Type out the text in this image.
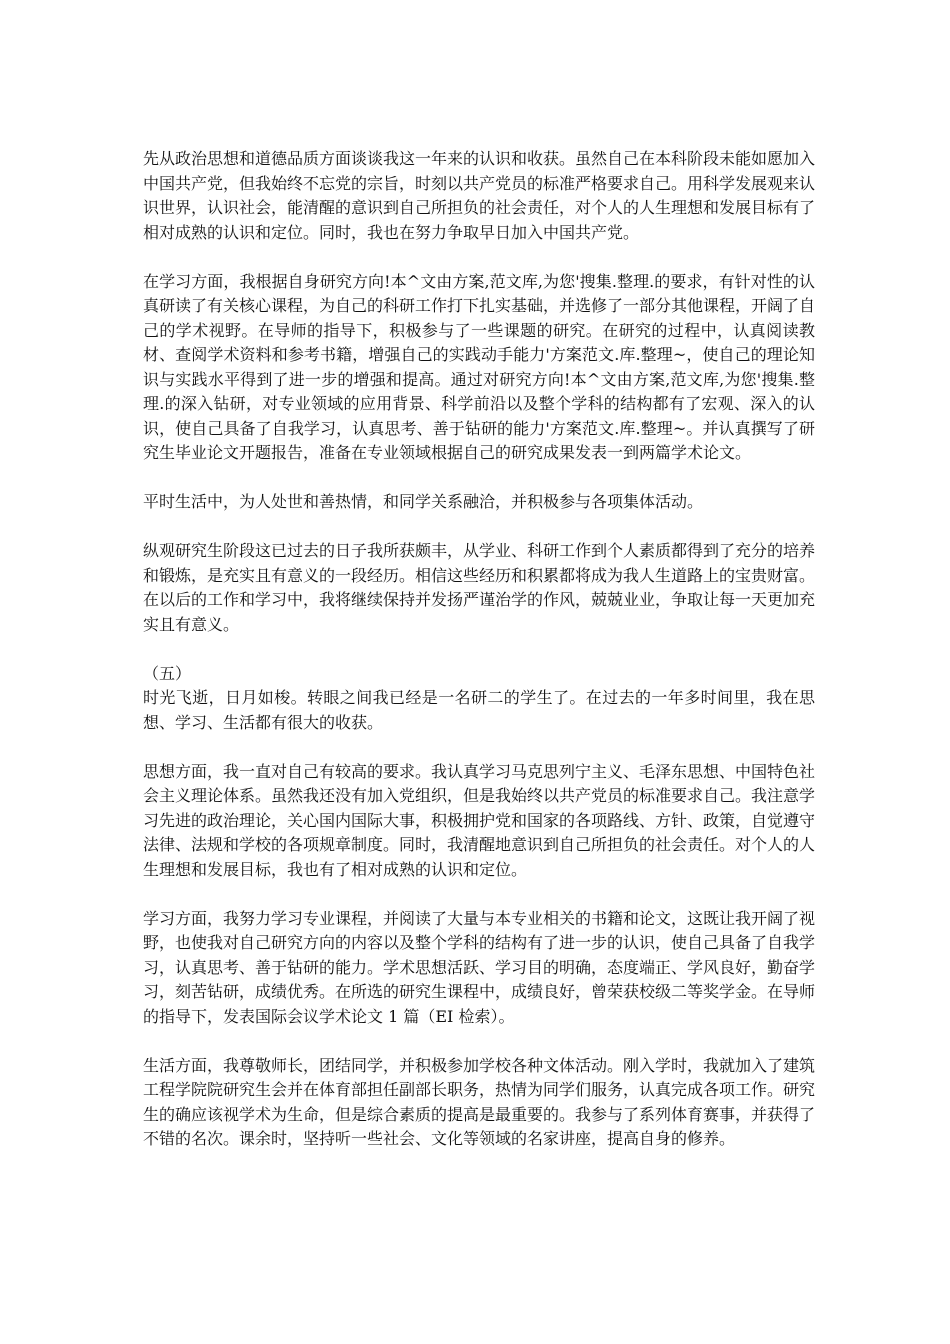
先从政治思想和道德品质方面谈谈我这一年来的认识和收获。虽然自己在本科阶段未能如愿加入中国共产党，但我始终不忘党的宗旨，时刻以共产党员的标准严格要求自己。用科学发展观来认识世界，认识社会，能清醒的意识到自己所担负的社会责任，对个人的人生理想和发展目标有了相对成熟的认识和定位。同时，我也在努力争取早日加入中国共产党。

在学习方面，我根据自身研究方向!本^文由方案,范文库,为您'搜集.整理.的要求，有针对性的认真研读了有关核心课程，为自己的科研工作打下扎实基础，并选修了一部分其他课程，开阔了自己的学术视野。在导师的指导下，积极参与了一些课题的研究。在研究的过程中，认真阅读教材、查阅学术资料和参考书籍，增强自己的实践动手能力'方案范文.库.整理~，使自己的理论知识与实践水平得到了进一步的增强和提高。通过对研究方向!本^文由方案,范文库,为您'搜集.整理.的深入钻研，对专业领域的应用背景、科学前沿以及整个学科的结构都有了宏观、深入的认识，使自己具备了自我学习，认真思考、善于钻研的能力'方案范文.库.整理~。并认真撰写了研究生毕业论文开题报告，准备在专业领域根据自己的研究成果发表一到两篇学术论文。

平时生活中，为人处世和善热情，和同学关系融洽，并积极参与各项集体活动。

纵观研究生阶段这已过去的日子我所获颇丰，从学业、科研工作到个人素质都得到了充分的培养和锻炼，是充实且有意义的一段经历。相信这些经历和积累都将成为我人生道路上的宝贵财富。在以后的工作和学习中，我将继续保持并发扬严谨治学的作风，兢兢业业，争取让每一天更加充实且有意义。

（五）

时光飞逝，日月如梭。转眼之间我已经是一名研二的学生了。在过去的一年多时间里，我在思想、学习、生活都有很大的收获。

思想方面，我一直对自己有较高的要求。我认真学习马克思列宁主义、毛泽东思想、中国特色社会主义理论体系。虽然我还没有加入党组织，但是我始终以共产党员的标准要求自己。我注意学习先进的政治理论，关心国内国际大事，积极拥护党和国家的各项路线、方针、政策，自觉遵守法律、法规和学校的各项规章制度。同时，我清醒地意识到自己所担负的社会责任。对个人的人生理想和发展目标，我也有了相对成熟的认识和定位。

学习方面，我努力学习专业课程，并阅读了大量与本专业相关的书籍和论文，这既让我开阔了视野，也使我对自己研究方向的内容以及整个学科的结构有了进一步的认识，使自己具备了自我学习，认真思考、善于钻研的能力。学术思想活跃、学习目的明确，态度端正、学风良好，勤奋学习，刻苦钻研，成绩优秀。在所选的研究生课程中，成绩良好，曾荣获校级二等奖学金。在导师的指导下，发表国际会议学术论文 1 篇（EI 检索）。

生活方面，我尊敬师长，团结同学，并积极参加学校各种文体活动。刚入学时，我就加入了建筑工程学院院研究生会并在体育部担任副部长职务，热情为同学们服务，认真完成各项工作。研究生的确应该视学术为生命，但是综合素质的提高是最重要的。我参与了系列体育赛事，并获得了不错的名次。课余时，坚持听一些社会、文化等领域的名家讲座，提高自身的修养。
